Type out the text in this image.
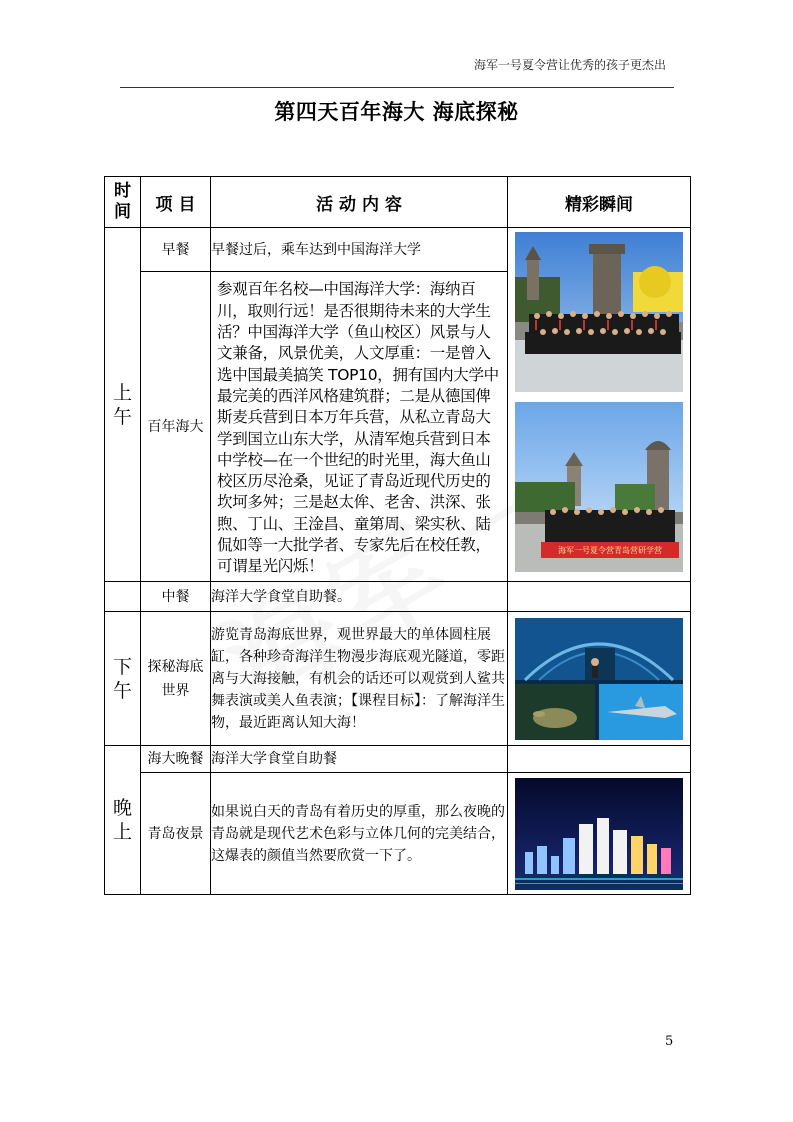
海军一号夏令营让优秀的孩子更杰出
第四天百年海大 海底探秘
时间	项 目	活 动 内 容	精彩瞬间
上午	早餐	早餐过后，乘车达到中国海洋大学	海军一号夏令营青岛营研学营

	百年海大	参观百年名校—中国海洋大学：海纳百川，取则行远！是否很期待未来的大学生活？中国海洋大学（鱼山校区）风景与人文兼备，风景优美，人文厚重：一是曾入选中国最美搞笑 TOP10，拥有国内大学中最完美的西洋风格建筑群；二是从德国俾斯麦兵营到日本万年兵营，从私立青岛大学到国立山东大学，从清军炮兵营到日本中学校—在一个世纪的时光里，海大鱼山校区历尽沧桑，见证了青岛近现代历史的坎坷多舛；三是赵太侔、老舍、洪深、张煦、丁山、王淦昌、童第周、梁实秋、陆侃如等一大批学者、专家先后在校任教，可谓星光闪烁！	
	中餐	海洋大学食堂自助餐。	
下午	探秘海底世界	游览青岛海底世界，观世界最大的单体圆柱展缸，各种珍奇海洋生物漫步海底观光隧道，零距离与大海接触，有机会的话还可以观赏到人鲨共舞表演或美人鱼表演；【课程目标】：了解海洋生物，最近距离认知大海！	

晚上	海大晚餐	海洋大学食堂自助餐	
	青岛夜景	如果说白天的青岛有着历史的厚重，那么夜晚的青岛就是现代艺术色彩与立体几何的完美结合，这爆表的颜值当然要欣赏一下了。	
5
